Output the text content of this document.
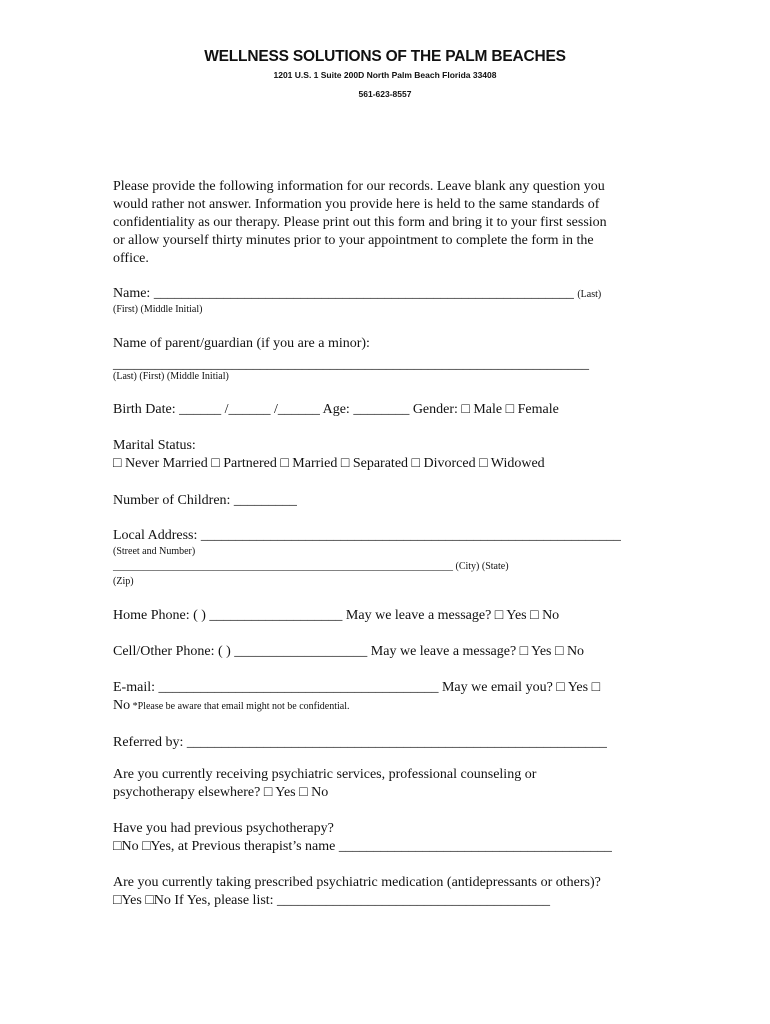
WELLNESS SOLUTIONS OF THE PALM BEACHES
1201 U.S. 1 Suite 200D North Palm Beach Florida 33408
561-623-8557
Please provide the following information for our records. Leave blank any question you
would rather not answer. Information you provide here is held to the same standards of
confidentiality as our therapy. Please print out this form and bring it to your first session
or allow yourself thirty minutes prior to your appointment to complete the form in the
office.
Name: ____________________________________________________________ (Last)
(First) (Middle Initial)
Name of parent/guardian (if you are a minor):
____________________________________________________________________
(Last) (First) (Middle Initial)
Birth Date: ______ /______ /______ Age: ________ Gender: □ Male □ Female
Marital Status:
□ Never Married □ Partnered □ Married □ Separated □ Divorced □ Widowed
Number of Children: _________
Local Address: ____________________________________________________________
(Street and Number)
____________________________________________________________________ (City) (State)
(Zip)
Home Phone: ( ) ___________________ May we leave a message? □ Yes □ No
Cell/Other Phone: ( ) ___________________ May we leave a message? □ Yes □ No
E-mail: ________________________________________ May we email you? □ Yes □
No *Please be aware that email might not be confidential.
Referred by: ____________________________________________________________
Are you currently receiving psychiatric services, professional counseling or
psychotherapy elsewhere? □ Yes □ No
Have you had previous psychotherapy?
□No □Yes, at Previous therapist’s name _______________________________________
Are you currently taking prescribed psychiatric medication (antidepressants or others)?
□Yes □No If Yes, please list: _______________________________________
